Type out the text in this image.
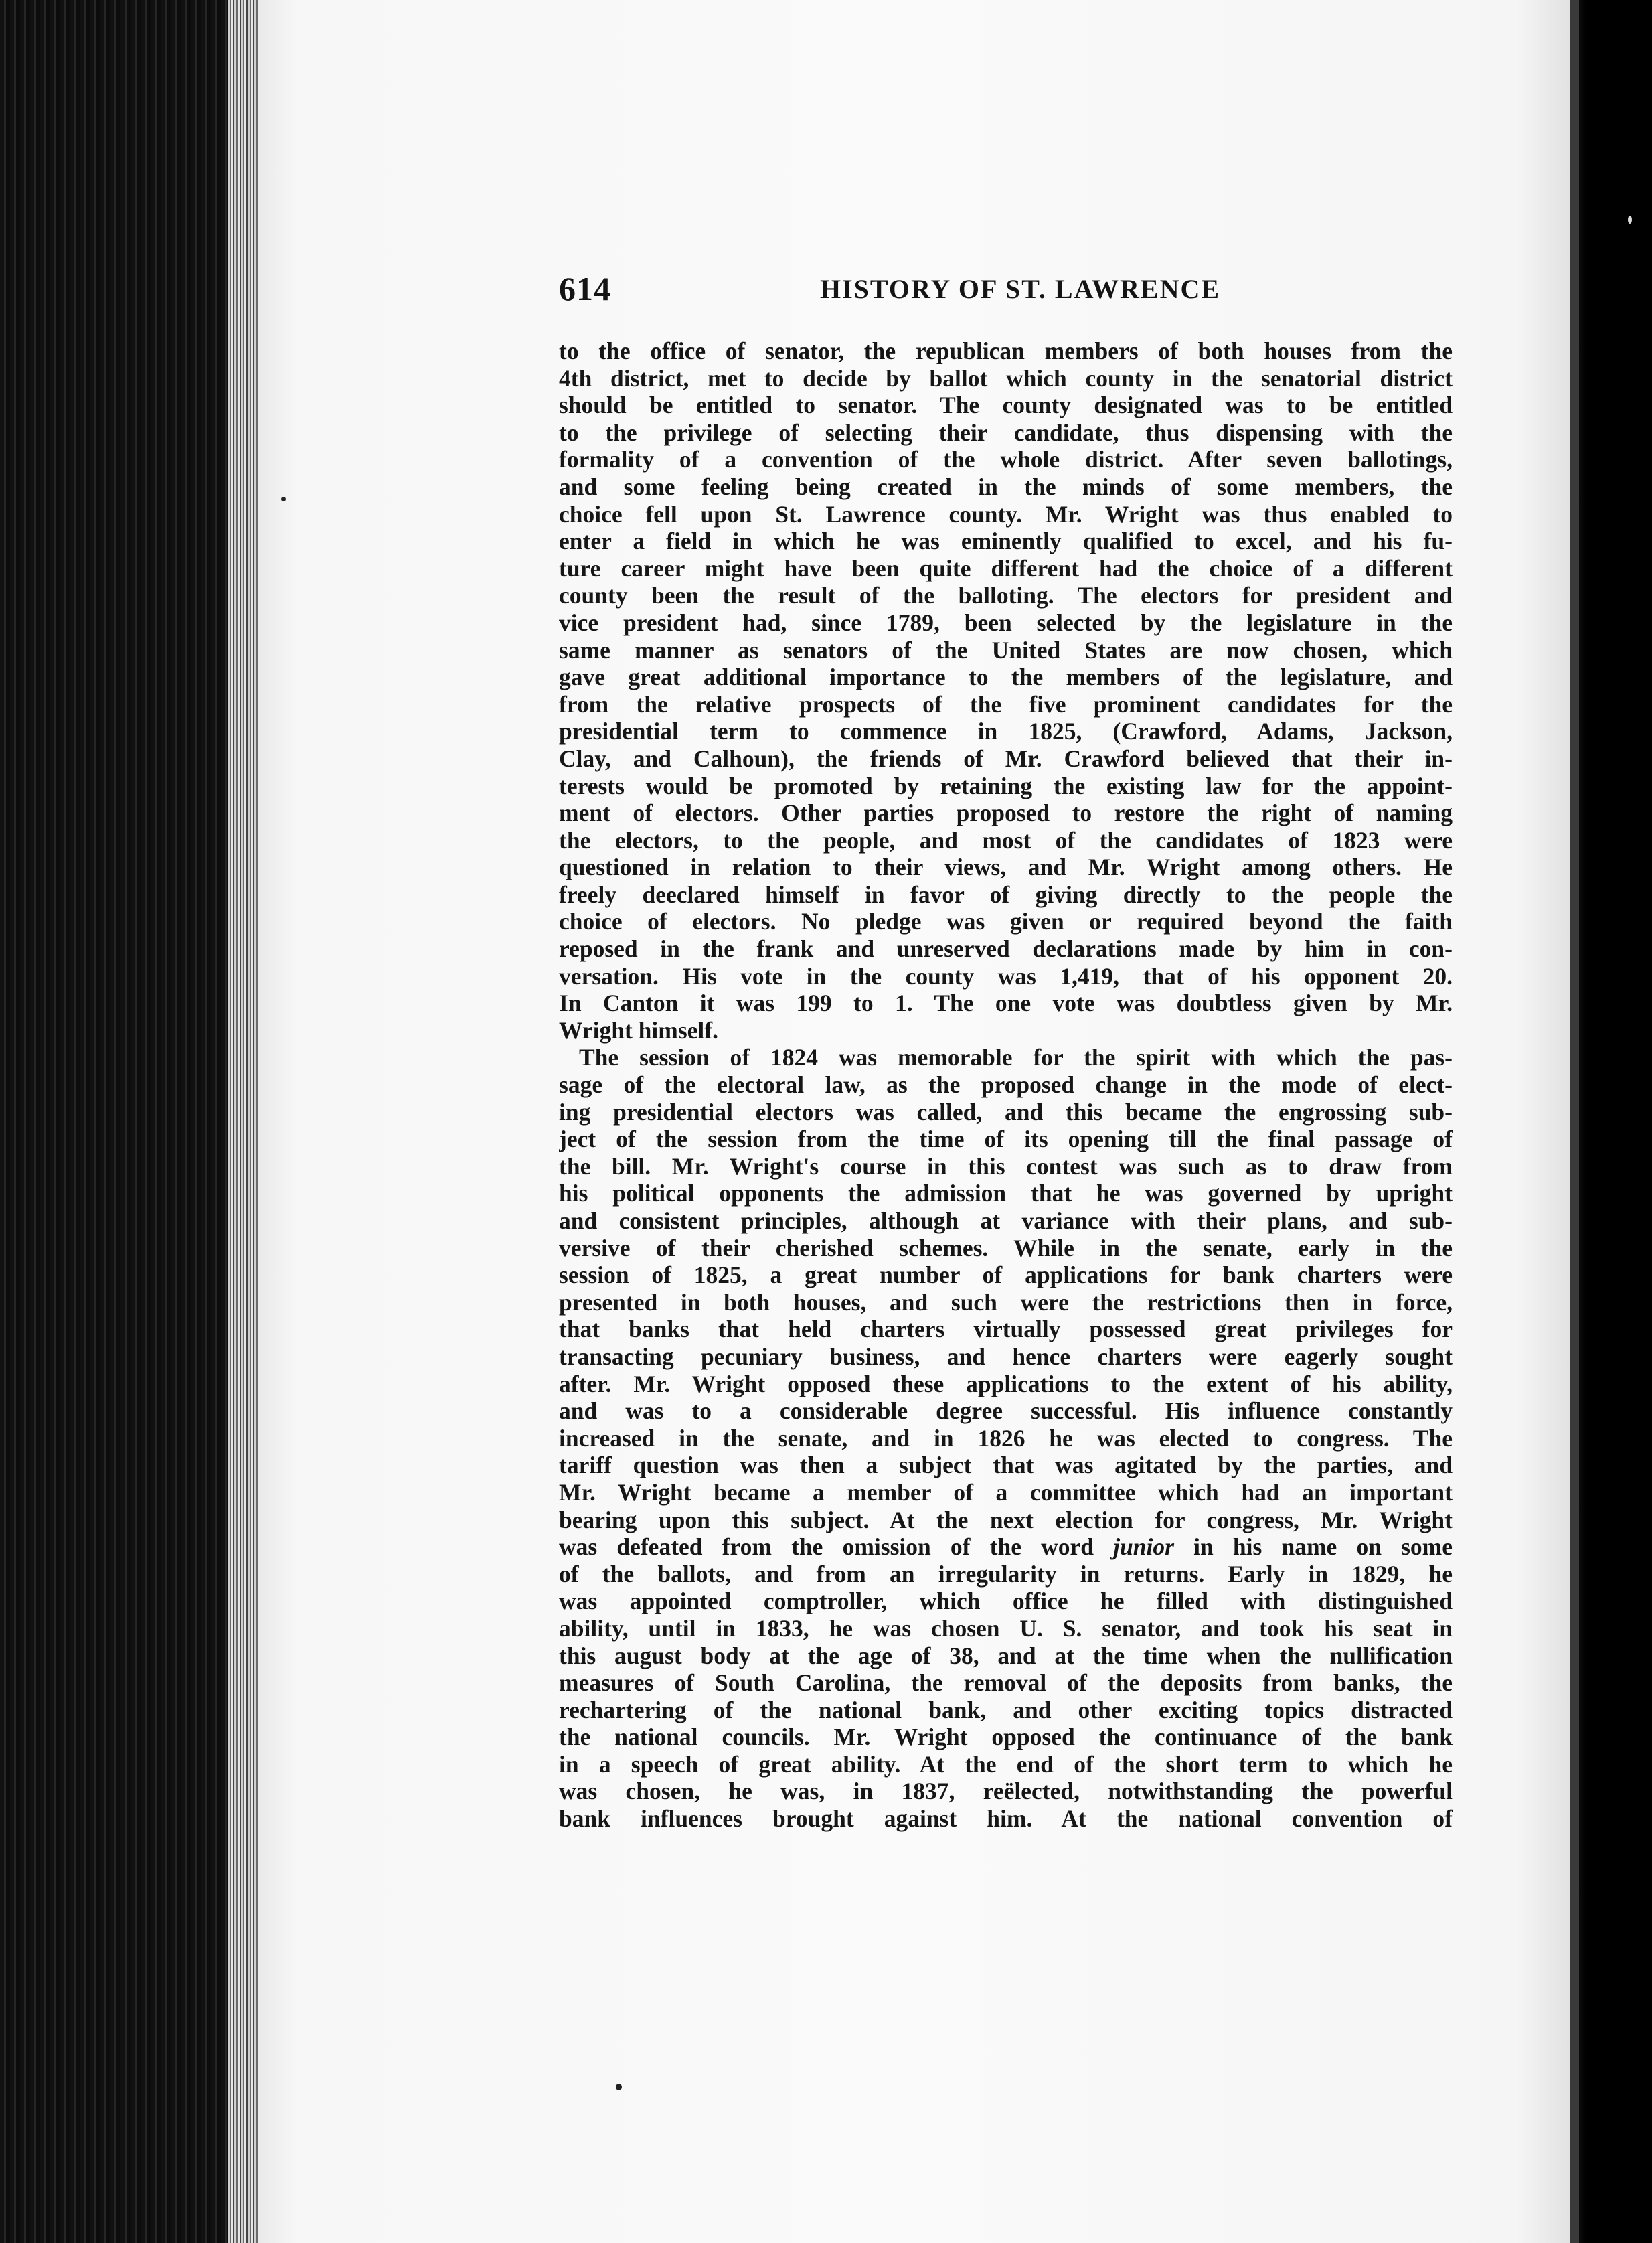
614	HISTORY OF ST. LAWRENCE
to the office of senator, the republican members of both houses from the
4th district, met to decide by ballot which county in the senatorial district
should be entitled to senator. The county designated was to be entitled
to the privilege of selecting their candidate, thus dispensing with the
formality of a convention of the whole district. After seven ballotings,
and some feeling being created in the minds of some members, the
choice fell upon St. Lawrence county. Mr. Wright was thus enabled to
enter a field in which he was eminently qualified to excel, and his fu-
ture career might have been quite different had the choice of a different
county been the result of the balloting. The electors for president and
vice president had, since 1789, been selected by the legislature in the
same manner as senators of the United States are now chosen, which
gave great additional importance to the members of the legislature, and
from the relative prospects of the five prominent candidates for the
presidential term to commence in 1825, (Crawford, Adams, Jackson,
Clay, and Calhoun), the friends of Mr. Crawford believed that their in-
terests would be promoted by retaining the existing law for the appoint-
ment of electors. Other parties proposed to restore the right of naming
the electors, to the people, and most of the candidates of 1823 were
questioned in relation to their views, and Mr. Wright among others. He
freely deeclared himself in favor of giving directly to the people the
choice of electors. No pledge was given or required beyond the faith
reposed in the frank and unreserved declarations made by him in con-
versation. His vote in the county was 1,419, that of his opponent 20.
In Canton it was 199 to 1. The one vote was doubtless given by Mr.
Wright himself.
The session of 1824 was memorable for the spirit with which the pas-
sage of the electoral law, as the proposed change in the mode of elect-
ing presidential electors was called, and this became the engrossing sub-
ject of the session from the time of its opening till the final passage of
the bill. Mr. Wright's course in this contest was such as to draw from
his political opponents the admission that he was governed by upright
and consistent principles, although at variance with their plans, and sub-
versive of their cherished schemes. While in the senate, early in the
session of 1825, a great number of applications for bank charters were
presented in both houses, and such were the restrictions then in force,
that banks that held charters virtually possessed great privileges for
transacting pecuniary business, and hence charters were eagerly sought
after. Mr. Wright opposed these applications to the extent of his ability,
and was to a considerable degree successful. His influence constantly
increased in the senate, and in 1826 he was elected to congress. The
tariff question was then a subject that was agitated by the parties, and
Mr. Wright became a member of a committee which had an important
bearing upon this subject. At the next election for congress, Mr. Wright
was defeated from the omission of the word junior in his name on some
of the ballots, and from an irregularity in returns. Early in 1829, he
was appointed comptroller, which office he filled with distinguished
ability, until in 1833, he was chosen U. S. senator, and took his seat in
this august body at the age of 38, and at the time when the nullification
measures of South Carolina, the removal of the deposits from banks, the
rechartering of the national bank, and other exciting topics distracted
the national councils. Mr. Wright opposed the continuance of the bank
in a speech of great ability. At the end of the short term to which he
was chosen, he was, in 1837, reëlected, notwithstanding the powerful
bank influences brought against him. At the national convention of
